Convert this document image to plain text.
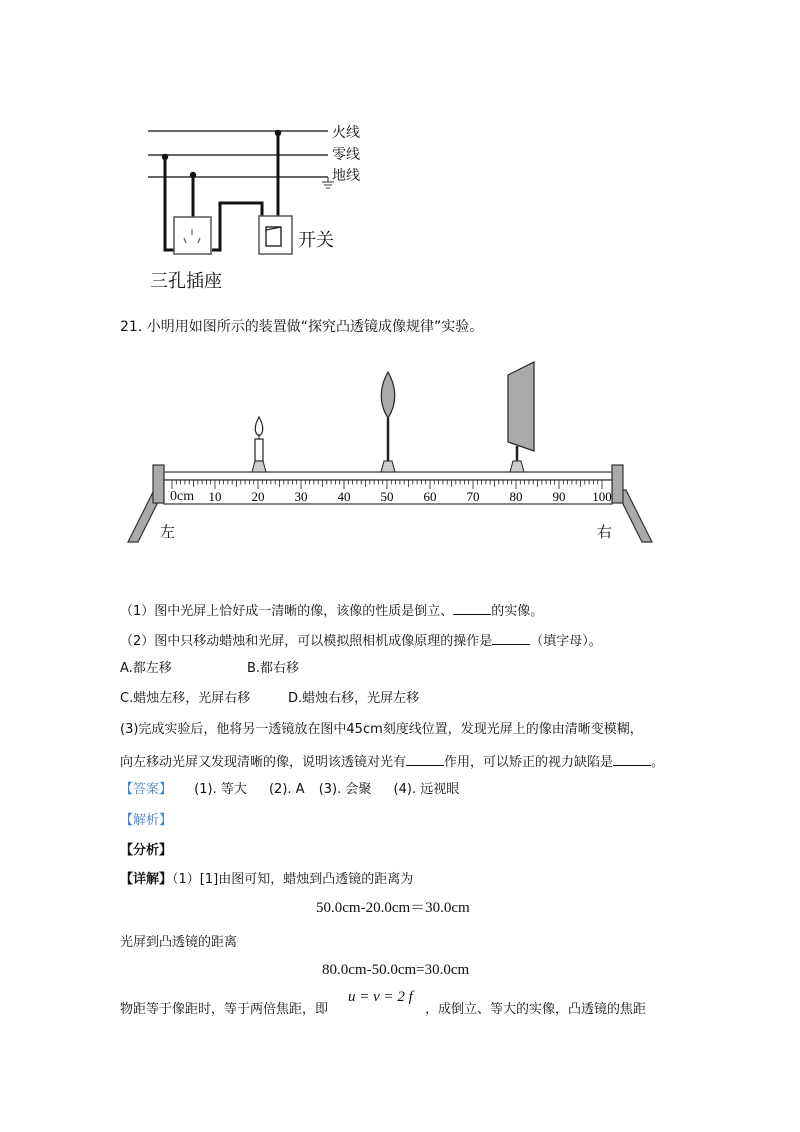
火线
零线
地线
开关
三孔插座
21. 小明用如图所示的装置做“探究凸透镜成像规律”实验。
10 20 30 40 50 60 70 80 90 100
0cm
左	右
（1）图中光屏上恰好成一清晰的像，该像的性质是倒立、	的实像。
（2）图中只移动蜡烛和光屏，可以模拟照相机成像原理的操作是	（填字母）。
A.都左移	B.都右移
C.蜡烛左移，光屏右移	D.蜡烛右移，光屏左移
(3)完成实验后，他将另一透镜放在图中45cm刻度线位置，发现光屏上的像由清晰变模糊，
向左移动光屏又发现清晰的像，说明该透镜对光有	作用，可以矫正的视力缺陷是	。
【答案】 (1). 等大 (2). A (3). 会聚 (4). 远视眼
【解析】
【分析】
【详解】（1）[1]由图可知，蜡烛到凸透镜的距离为
50.0cm-20.0cm＝30.0cm
光屏到凸透镜的距离
80.0cm-50.0cm=30.0cm
物距等于像距时，等于两倍焦距，即
u = v = 2 f
，成倒立、等大的实像，凸透镜的焦距
